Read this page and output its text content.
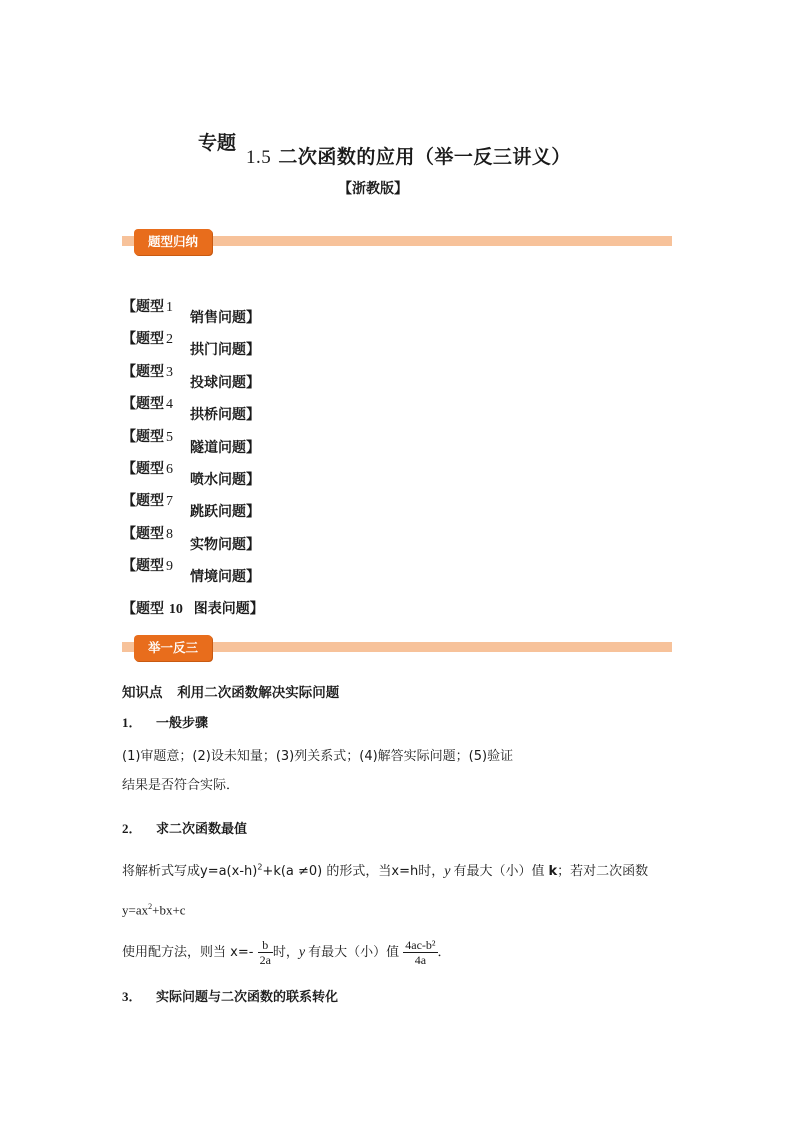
专题
1.5 二次函数的应用（举一反三讲义）
【浙教版】
题型归纳
【题型 1
销售问题】
【题型 2
拱门问题】
【题型 3
投球问题】
【题型 4
拱桥问题】
【题型 5
隧道问题】
【题型 6
喷水问题】
【题型 7
跳跃问题】
【题型 8
实物问题】
【题型 9
情境问题】
【题型 10 图表问题】
举一反三
知识点 利用二次函数解决实际问题
1． 一般步骤
(1)审题意；(2)设未知量；(3)列关系式；(4)解答实际问题；(5)验证
结果是否符合实际．
2． 求二次函数最值
将解析式写成$y=a(x-h)^2+k(a \ne 0)$ 的形式，当x=h时，y 有最大（小）值 k；若对二次函数
$y=ax^2+bx+c$
使用配方法，则当 $x=- \frac{b}{2a}$ 时，y 有最大（小）值 $\frac{\text{4ac-b²}}{4a}$ ．
3． 实际问题与二次函数的联系转化
